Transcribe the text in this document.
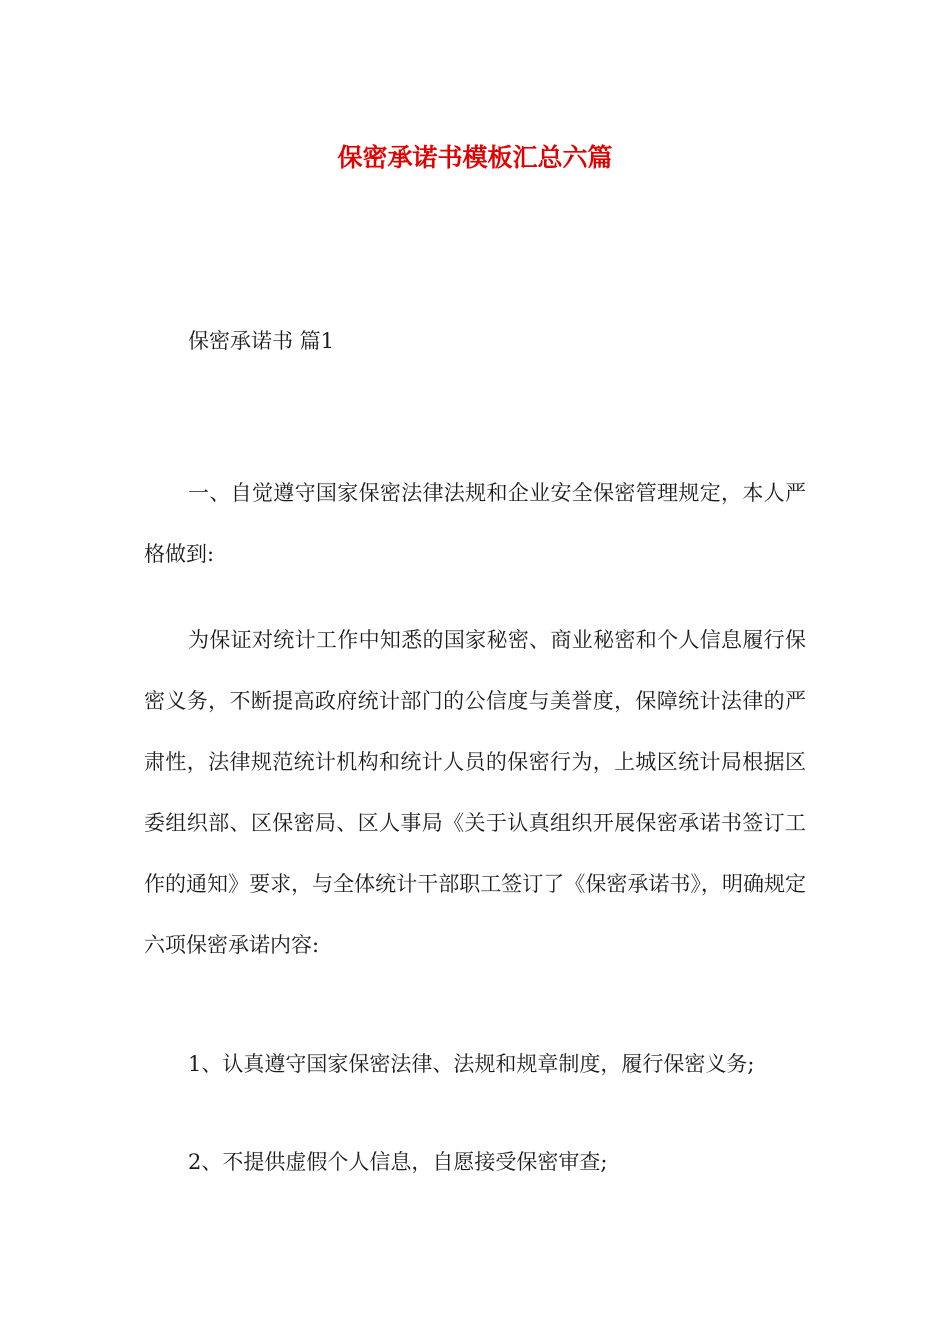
保密承诺书模板汇总六篇
保密承诺书 篇1
一、自觉遵守国家保密法律法规和企业安全保密管理规定，本人严格做到:
为保证对统计工作中知悉的国家秘密、商业秘密和个人信息履行保密义务，不断提高政府统计部门的公信度与美誉度，保障统计法律的严肃性，法律规范统计机构和统计人员的保密行为，上城区统计局根据区委组织部、区保密局、区人事局《关于认真组织开展保密承诺书签订工作的通知》要求，与全体统计干部职工签订了《保密承诺书》，明确规定六项保密承诺内容:
1、认真遵守国家保密法律、法规和规章制度，履行保密义务;
2、不提供虚假个人信息，自愿接受保密审查;
